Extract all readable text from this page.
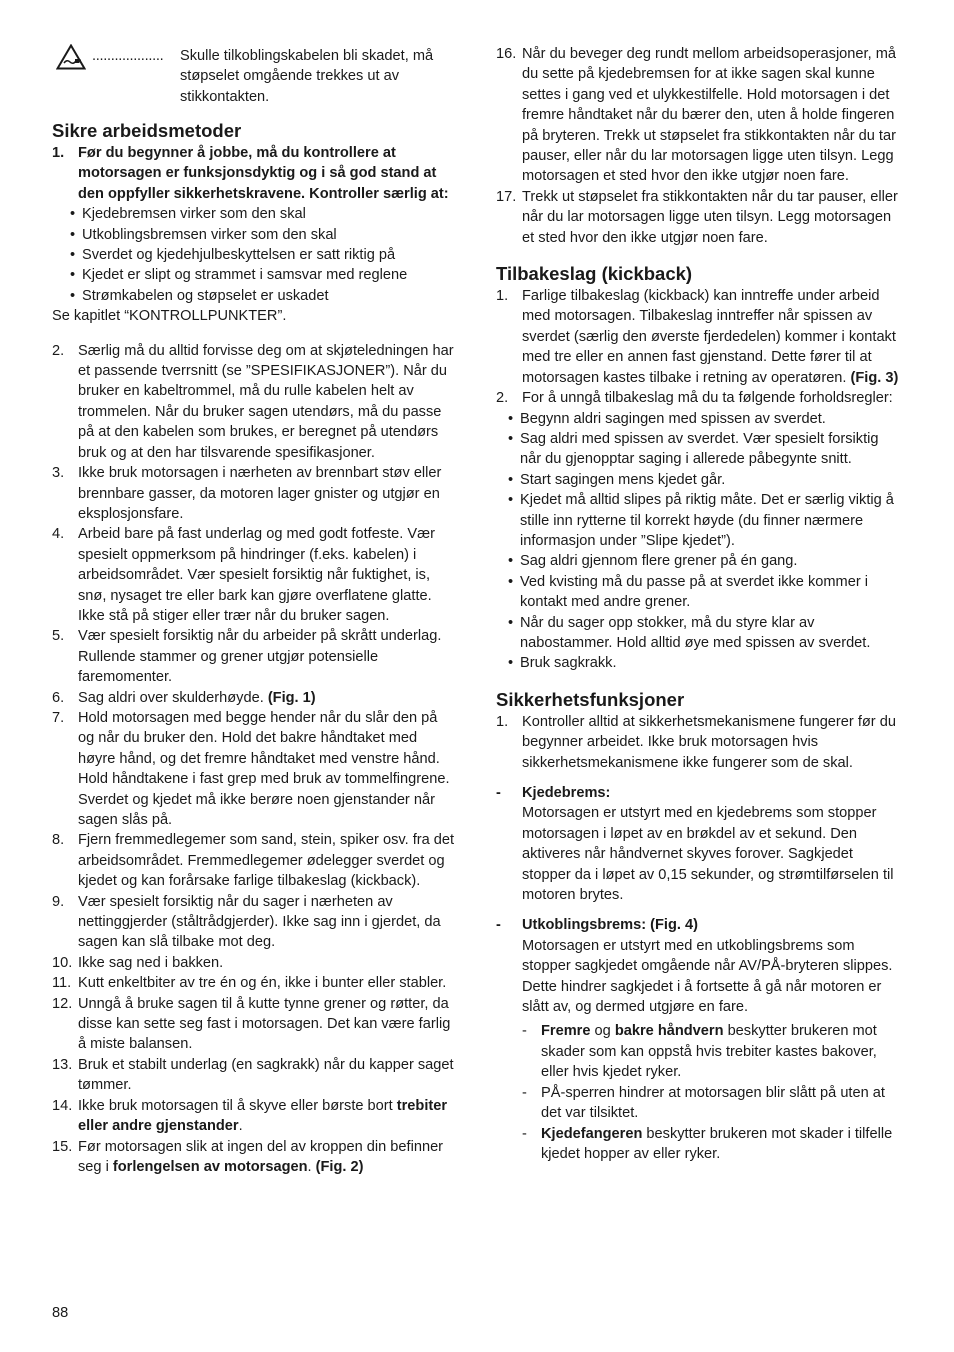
................... Skulle tilkoblingskabelen bli skadet, må støpselet omgående trekkes ut av stikkontakten.
Sikre arbeidsmetoder
1. Før du begynner å jobbe, må du kontrollere at motorsagen er funksjonsdyktig og i så god stand at den oppfyller sikkerhetskravene. Kontroller særlig at:
• Kjedebremsen virker som den skal
• Utkoblingsbremsen virker som den skal
• Sverdet og kjedehjulbeskyttelsen er satt riktig på
• Kjedet er slipt og strammet i samsvar med reglene
• Strømkabelen og støpselet er uskadet
Se kapitlet “KONTROLLPUNKTER”.
2. Særlig må du alltid forvisse deg om at skjøteledningen har et passende tverrsnitt (se ”SPESIFIKASJONER”). Når du bruker en kabeltrommel, må du rulle kabelen helt av trommelen. Når du bruker sagen utendørs, må du passe på at den kabelen som brukes, er beregnet på utendørs bruk og at den har tilsvarende spesifikasjoner.
3. Ikke bruk motorsagen i nærheten av brennbart støv eller brennbare gasser, da motoren lager gnister og utgjør en eksplosjonsfare.
4. Arbeid bare på fast underlag og med godt fotfeste. Vær spesielt oppmerksom på hindringer (f.eks. kabelen) i arbeidsområdet. Vær spesielt forsiktig når fuktighet, is, snø, nysaget tre eller bark kan gjøre overflatene glatte. Ikke stå på stiger eller trær når du bruker sagen.
5. Vær spesielt forsiktig når du arbeider på skrått underlag. Rullende stammer og grener utgjør potensielle faremomenter.
6. Sag aldri over skulderhøyde. (Fig. 1)
7. Hold motorsagen med begge hender når du slår den på og når du bruker den. Hold det bakre håndtaket med høyre hånd, og det fremre håndtaket med venstre hånd. Hold håndtakene i fast grep med bruk av tommelfingrene. Sverdet og kjedet må ikke berøre noen gjenstander når sagen slås på.
8. Fjern fremmedlegemer som sand, stein, spiker osv. fra det arbeidsområdet. Fremmedlegemer ødelegger sverdet og kjedet og kan forårsake farlige tilbakeslag (kickback).
9. Vær spesielt forsiktig når du sager i nærheten av nettinggjerder (ståltrådgjerder). Ikke sag inn i gjerdet, da sagen kan slå tilbake mot deg.
10. Ikke sag ned i bakken.
11. Kutt enkeltbiter av tre én og én, ikke i bunter eller stabler.
12. Unngå å bruke sagen til å kutte tynne grener og røtter, da disse kan sette seg fast i motorsagen. Det kan være farlig å miste balansen.
13. Bruk et stabilt underlag (en sagkrakk) når du kapper saget tømmer.
14. Ikke bruk motorsagen til å skyve eller børste bort trebiter eller andre gjenstander.
15. Før motorsagen slik at ingen del av kroppen din befinner seg i forlengelsen av motorsagen. (Fig. 2)
16. Når du beveger deg rundt mellom arbeidsoperasjoner, må du sette på kjedebremsen for at ikke sagen skal kunne settes i gang ved et ulykkestilfelle. Hold motorsagen i det fremre håndtaket når du bærer den, uten å holde fingeren på bryteren. Trekk ut støpselet fra stikkontakten når du tar pauser, eller når du lar motorsagen ligge uten tilsyn. Legg motorsagen et sted hvor den ikke utgjør noen fare.
17. Trekk ut støpselet fra stikkontakten når du tar pauser, eller når du lar motorsagen ligge uten tilsyn. Legg motorsagen et sted hvor den ikke utgjør noen fare.
Tilbakeslag (kickback)
1. Farlige tilbakeslag (kickback) kan inntreffe under arbeid med motorsagen. Tilbakeslag inntreffer når spissen av sverdet (særlig den øverste fjerdedelen) kommer i kontakt med tre eller en annen fast gjenstand. Dette fører til at motorsagen kastes tilbake i retning av operatøren. (Fig. 3)
2. For å unngå tilbakeslag må du ta følgende forholdsregler:
• Begynn aldri sagingen med spissen av sverdet.
• Sag aldri med spissen av sverdet. Vær spesielt forsiktig når du gjenopptar saging i allerede påbegynte snitt.
• Start sagingen mens kjedet går.
• Kjedet må alltid slipes på riktig måte. Det er særlig viktig å stille inn rytterne til korrekt høyde (du finner nærmere informasjon under ”Slipe kjedet”).
• Sag aldri gjennom flere grener på én gang.
• Ved kvisting må du passe på at sverdet ikke kommer i kontakt med andre grener.
• Når du sager opp stokker, må du styre klar av nabostammer. Hold alltid øye med spissen av sverdet.
• Bruk sagkrakk.
Sikkerhetsfunksjoner
1. Kontroller alltid at sikkerhetsmekanismene fungerer før du begynner arbeidet. Ikke bruk motorsagen hvis sikkerhetsmekanismene ikke fungerer som de skal.
-	Kjedebrems:
Motorsagen er utstyrt med en kjedebrems som stopper motorsagen i løpet av en brøkdel av et sekund. Den aktiveres når håndvernet skyves forover. Sagkjedet stopper da i løpet av 0,15 sekunder, og strømtilførselen til motoren brytes.
-	Utkoblingsbrems: (Fig. 4)
Motorsagen er utstyrt med en utkoblingsbrems som stopper sagkjedet omgående når AV/PÅ-bryteren slippes. Dette hindrer sagkjedet i å fortsette å gå når motoren er slått av, og dermed utgjøre en fare.
- Fremre og bakre håndvern beskytter brukeren mot skader som kan oppstå hvis trebiter kastes bakover, eller hvis kjedet ryker.
- PÅ-sperren hindrer at motorsagen blir slått på uten at det var tilsiktet.
- Kjedefangeren beskytter brukeren mot skader i tilfelle kjedet hopper av eller ryker.
88
